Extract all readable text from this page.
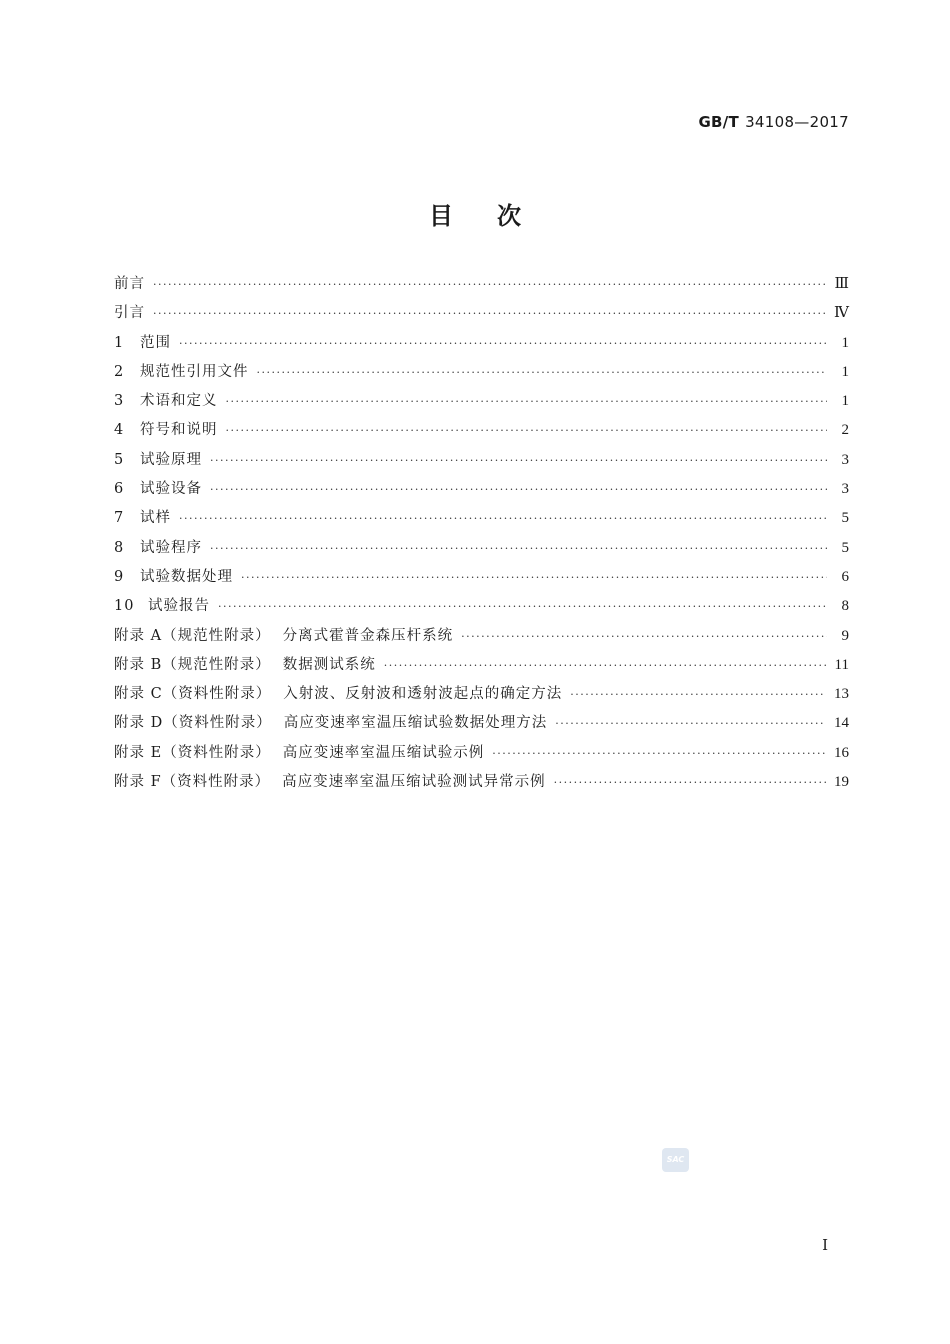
GB/T 34108—2017
目次
前言 ·····	Ⅲ
引言 ·····	Ⅳ
1 范围 ·····	1
2 规范性引用文件 ·····	1
3 术语和定义 ·····	1
4 符号和说明 ·····	2
5 试验原理 ·····	3
6 试验设备 ·····	3
7 试样 ·····	5
8 试验程序 ·····	5
9 试验数据处理 ·····	6
10 试验报告 ·····	8
附录 A（规范性附录） 分离式霍普金森压杆系统 ·····	9
附录 B（规范性附录） 数据测试系统 ·····	11
附录 C（资料性附录） 入射波、反射波和透射波起点的确定方法 ·····	13
附录 D（资料性附录） 高应变速率室温压缩试验数据处理方法 ·····	14
附录 E（资料性附录） 高应变速率室温压缩试验示例 ·····	16
附录 F（资料性附录） 高应变速率室温压缩试验测试异常示例 ·····	19
SAC
Ⅰ
